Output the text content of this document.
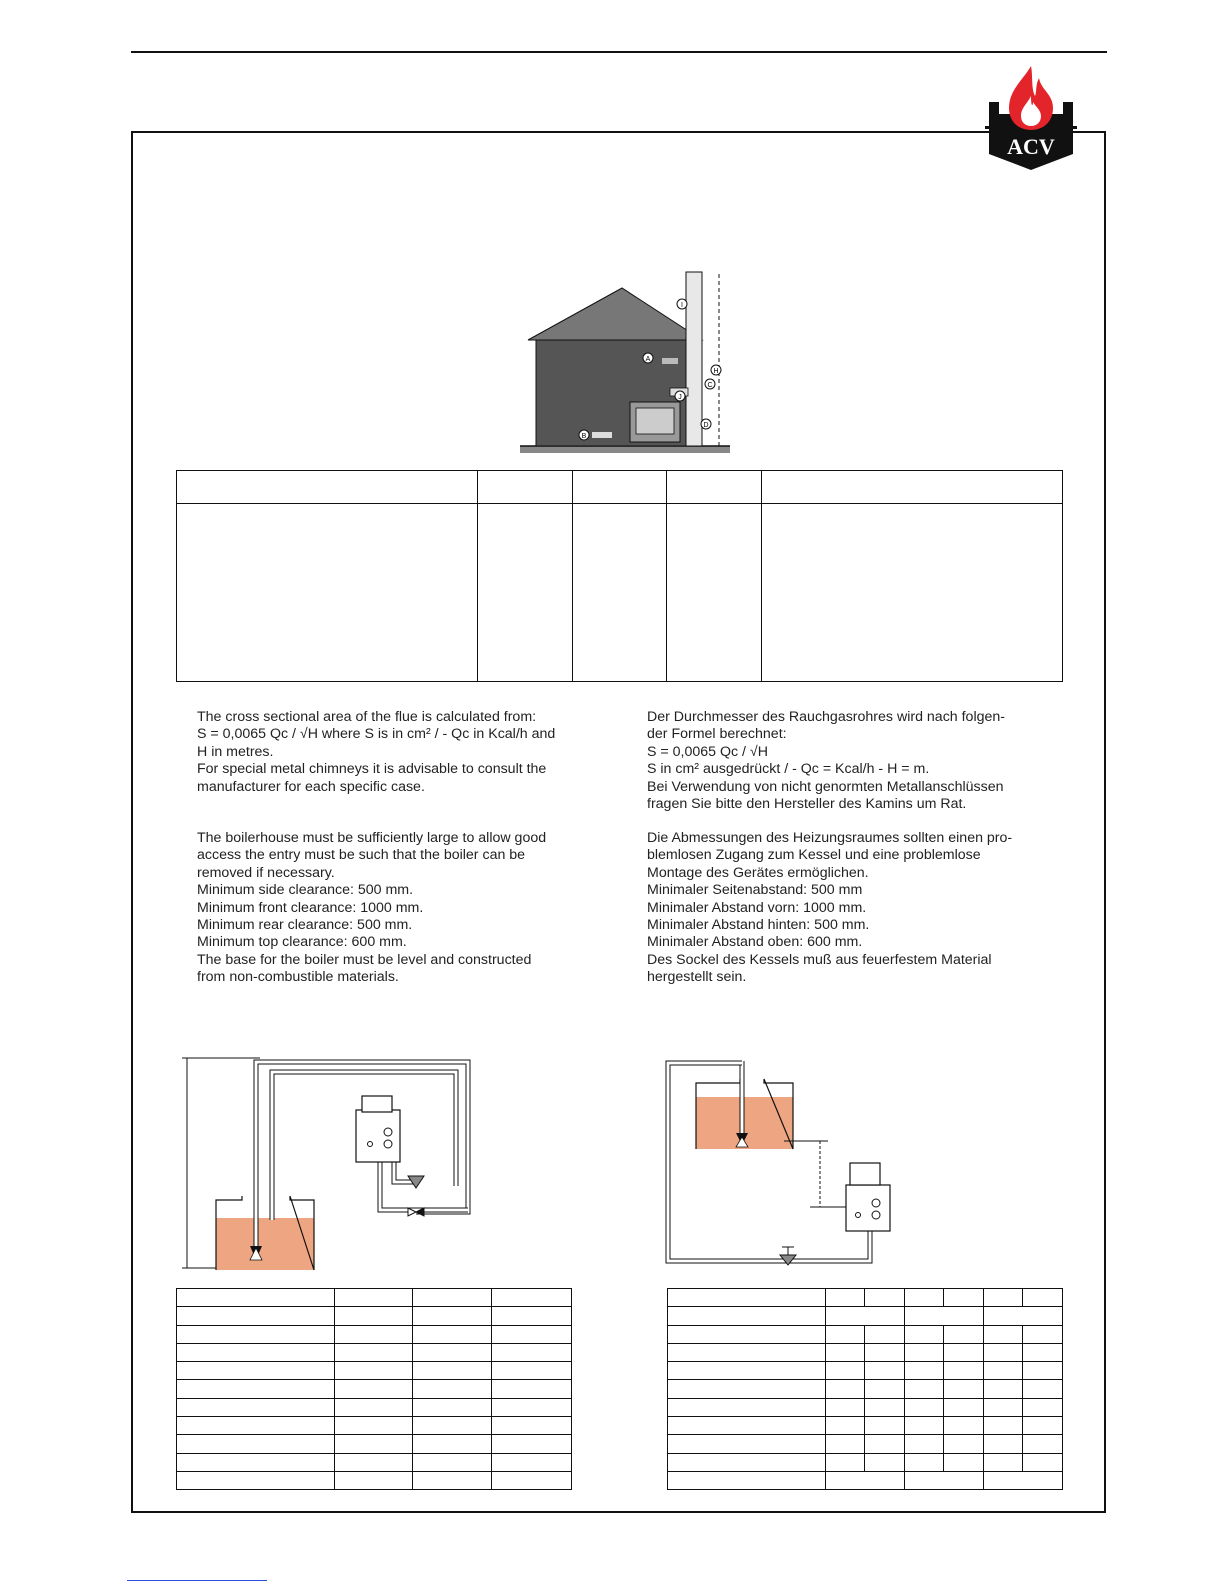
ACV
I
A
H
C
J
D
B

The cross sectional area of the flue is calculated from:
S = 0,0065 Qc / √H where S is in cm² / - Qc in Kcal/h and
H in metres.
For special metal chimneys it is advisable to consult the
manufacturer for each specific case.
Der Durchmesser des Rauchgasrohres wird nach folgen-
der Formel berechnet:
S = 0,0065 Qc / √H
S in cm² ausgedrückt / - Qc = Kcal/h - H = m.
Bei Verwendung von nicht genormten Metallanschlüssen
fragen Sie bitte den Hersteller des Kamins um Rat.
The boilerhouse must be sufficiently large to allow good
access the entry must be such that the boiler can be
removed if necessary.
Minimum side clearance: 500 mm.
Minimum front clearance: 1000 mm.
Minimum rear clearance: 500 mm.
Minimum top clearance: 600 mm.
The base for the boiler must be level and constructed
from non-combustible materials.
Die Abmessungen des Heizungsraumes sollten einen pro-
blemlosen Zugang zum Kessel und eine problemlose
Montage des Gerätes ermöglichen.
Minimaler Seitenabstand: 500 mm
Minimaler Abstand vorn: 1000 mm.
Minimaler Abstand hinten: 500 mm.
Minimaler Abstand oben: 600 mm.
Des Sockel des Kessels muß aus feuerfestem Material
hergestellt sein.
